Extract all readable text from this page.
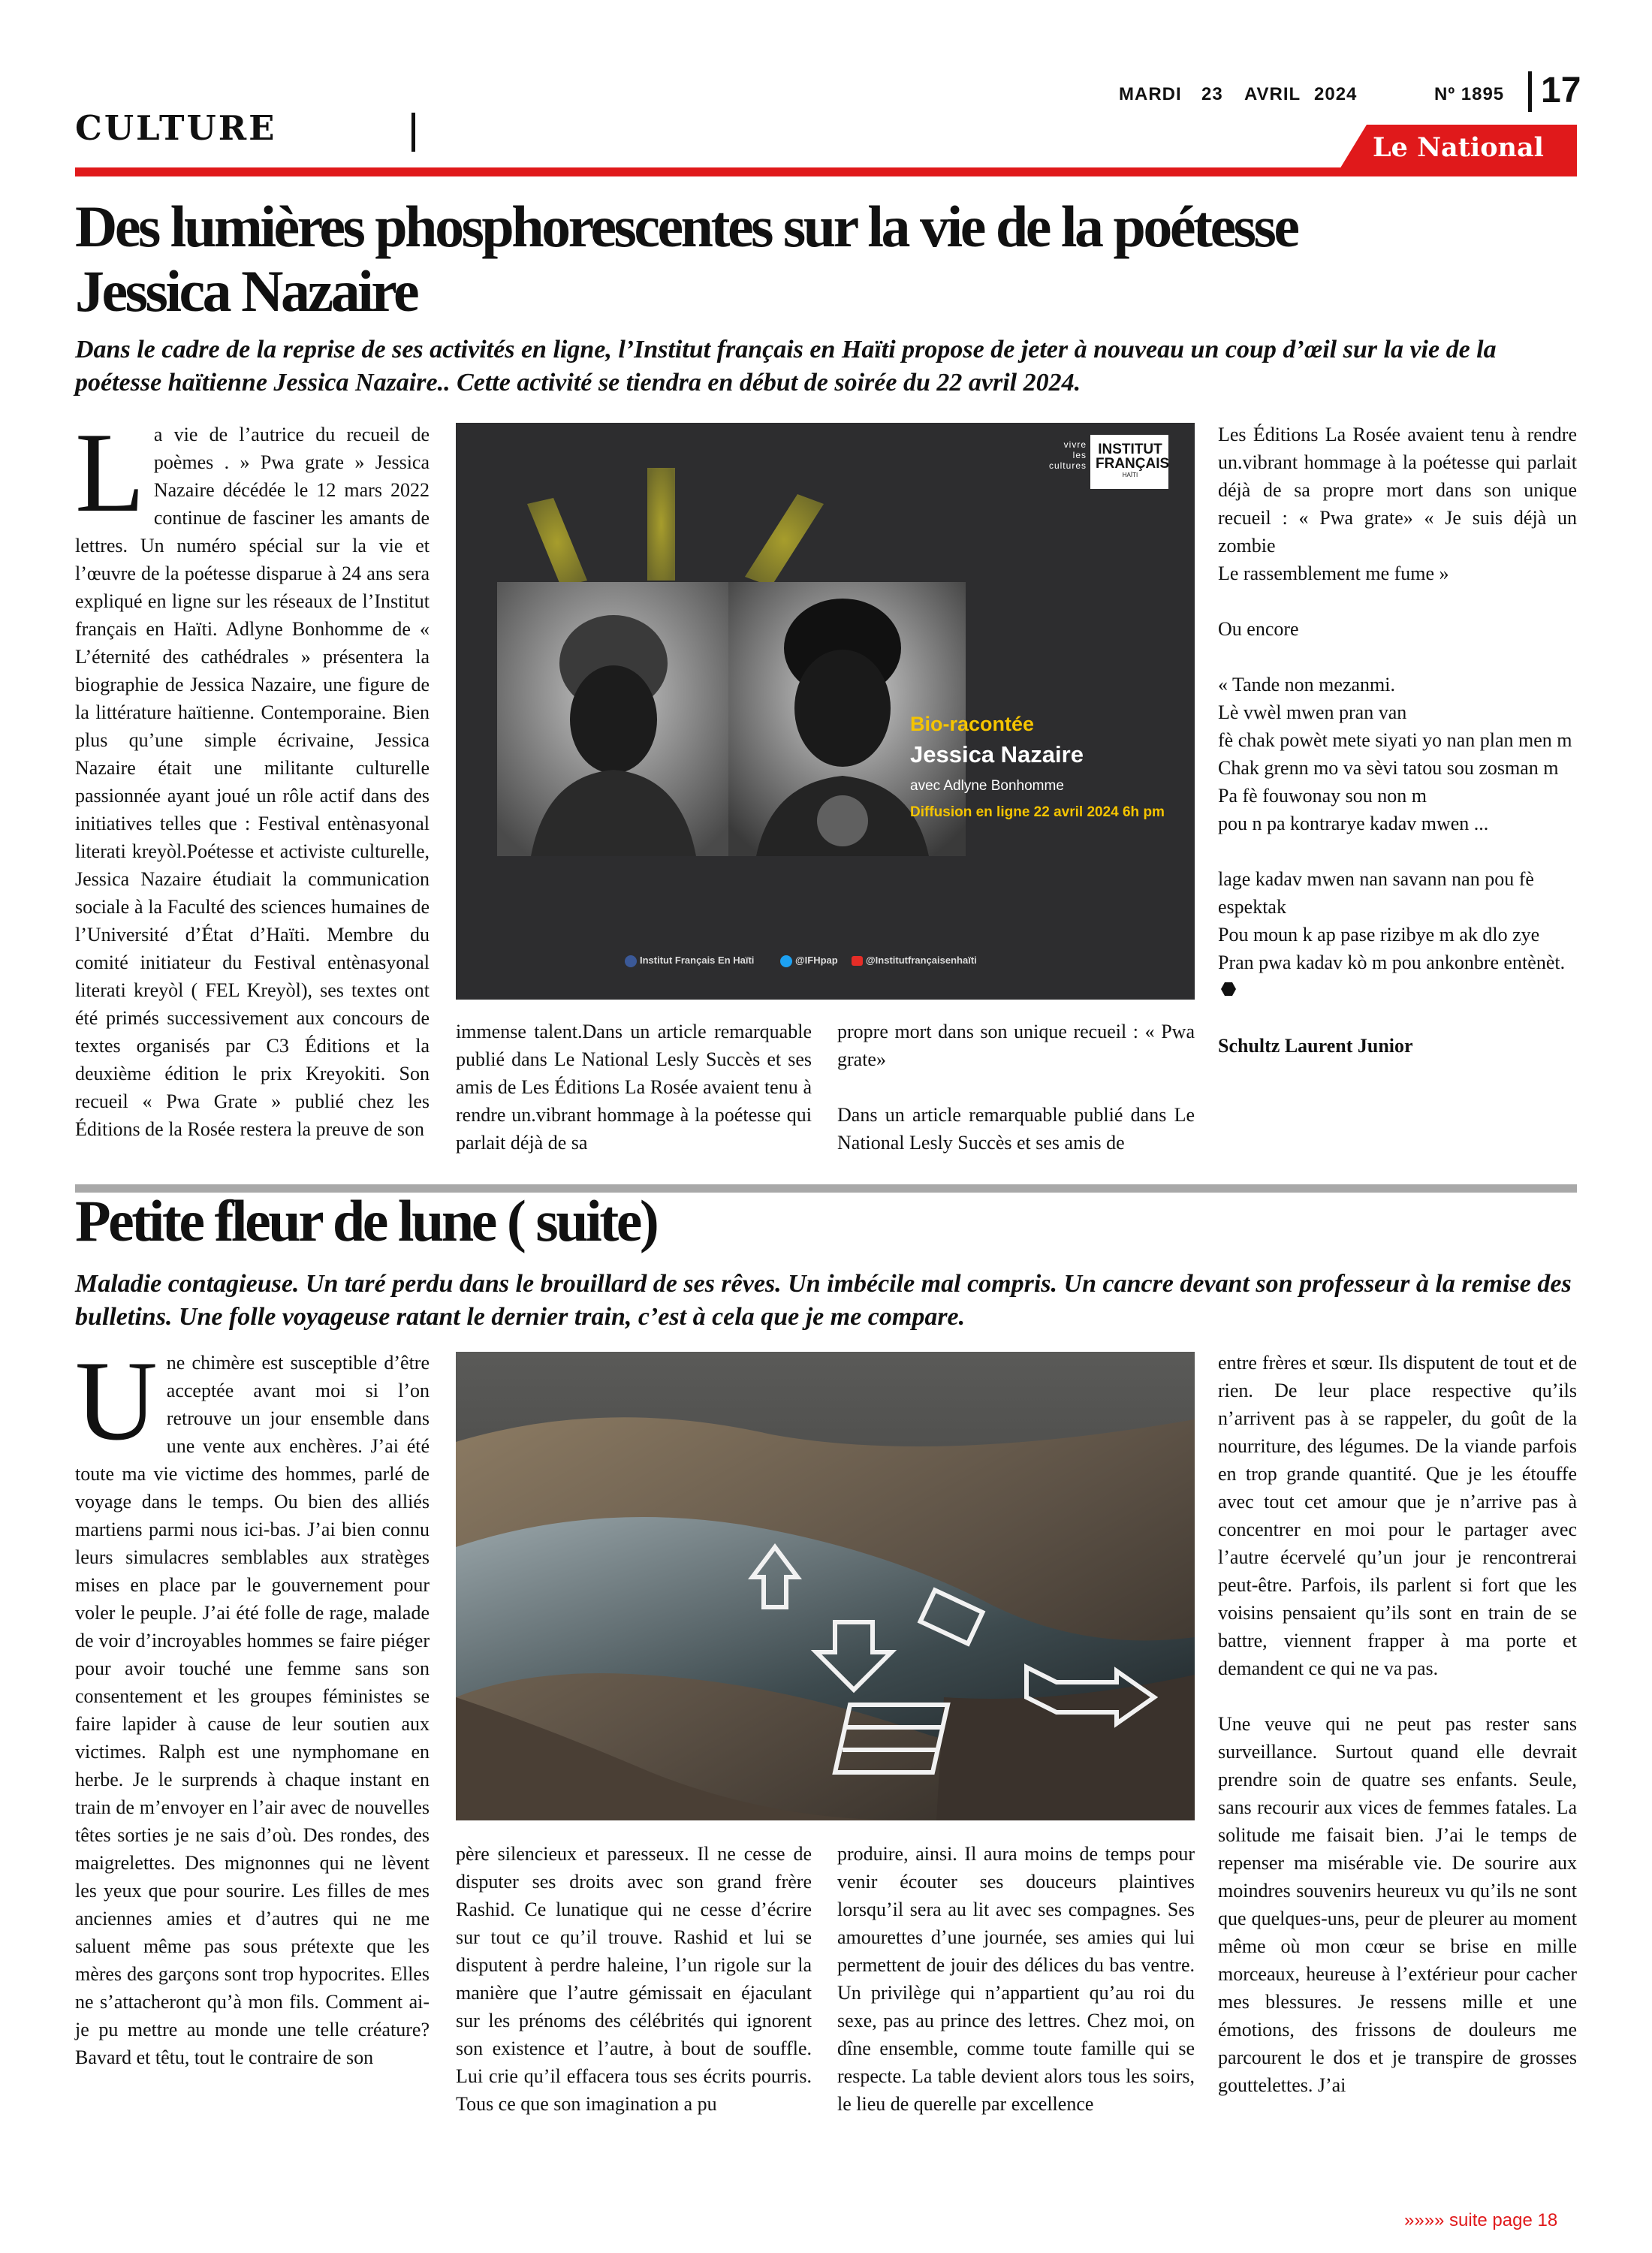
CULTURE
MARDI 23 AVRIL 2024	Nº 1895 17
Le National
Des lumières phosphorescentes sur la vie de la poétesse
Jessica Nazaire
Dans le cadre de la reprise de ses activités en ligne, l’Institut français en Haïti propose de jeter à nouveau un coup d’œil sur la vie de la poétesse haïtienne Jessica Nazaire.. Cette activité se tiendra en début de soirée du 22 avril 2024.

La vie de l’autrice du recueil de poèmes . » Pwa grate » Jessica Nazaire décédée le 12 mars 2022 continue de fasciner les amants de lettres. Un numéro spécial sur la vie et l’œuvre de la poétesse disparue à 24 ans sera expliqué en ligne sur les réseaux de l’Institut français en Haïti. Adlyne Bonhomme de « L’éternité des cathédrales » présentera la biographie de Jessica Nazaire, une figure de la littérature haïtienne. Contemporaine. Bien plus qu’une simple écrivaine, Jessica Nazaire était une militante culturelle passionnée ayant joué un rôle actif dans des initiatives telles que : Festival entènasyonal literati kreyòl.Poétesse et activiste culturelle, Jessica Nazaire étudiait la communication sociale à la Faculté des sciences humaines de l’Université d’État d’Haïti. Membre du comité initiateur du Festival entènasyonal literati kreyòl ( FEL Kreyòl), ses textes ont été primés successivement aux concours de textes organisés par C3 Éditions et la deuxième édition le prix Kreyokiti. Son recueil « Pwa Grate » publié chez les Éditions de la Rosée restera la preuve de son

vivre
les
cultures
INSTITUT
FRANÇAIS
HAÏTI
Bio-racontée
Jessica Nazaire
avec Adlyne Bonhomme
Diffusion en ligne 22 avril 2024 6h pm
Institut Français En Haïti	@IFHpap	@Institutfrançaisenhaïti

immense talent.Dans un article remarquable publié dans Le National Lesly Succès et ses amis de Les Éditions La Rosée avaient tenu à rendre un.vibrant hommage à la poétesse qui parlait déjà de sa

propre mort dans son unique recueil : « Pwa grate»

Dans un article remarquable publié dans Le National Lesly Succès et ses amis de

Les Éditions La Rosée avaient tenu à rendre un.vibrant hommage à la poétesse qui parlait déjà de sa propre mort dans son unique recueil : « Pwa grate» « Je suis déjà un zombie

Le rassemblement me fume »
Ou encore
« Tande non mezanmi.
Lè vwèl mwen pran van
fè chak powèt mete siyati yo nan plan men m
Chak grenn mo va sèvi tatou sou zosman m
Pa fè fouwonay sou non m
pou n pa kontrarye kadav mwen ...
lage kadav mwen nan savann nan pou fè espektak
Pou moun k ap pase rizibye m ak dlo zye
Pran pwa kadav kò m pou ankonbre entènèt.
Schultz Laurent Junior
Petite fleur de lune ( suite)
Maladie contagieuse. Un taré perdu dans le brouillard de ses rêves. Un imbécile mal compris. Un cancre devant son professeur à la remise des bulletins. Une folle voyageuse ratant le dernier train, c’est à cela que je me compare.

Une chimère est susceptible d’être acceptée avant moi si l’on retrouve un jour ensemble dans une vente aux enchères. J’ai été toute ma vie victime des hommes, parlé de voyage dans le temps. Ou bien des alliés martiens parmi nous ici-bas. J’ai bien connu leurs simulacres semblables aux stratèges mises en place par le gouvernement pour voler le peuple. J’ai été folle de rage, malade de voir d’incroyables hommes se faire piéger pour avoir touché une femme sans son consentement et les groupes féministes se faire lapider à cause de leur soutien aux victimes. Ralph est une nymphomane en herbe. Je le surprends à chaque instant en train de m’envoyer en l’air avec de nouvelles têtes sorties je ne sais d’où. Des rondes, des maigrelettes. Des mignonnes qui ne lèvent les yeux que pour sourire. Les filles de mes anciennes amies et d’autres qui ne me saluent même pas sous prétexte que les mères des garçons sont trop hypocrites. Elles ne s’attacheront qu’à mon fils. Comment ai-je pu mettre au monde une telle créature? Bavard et têtu, tout le contraire de son

père silencieux et paresseux. Il ne cesse de disputer ses droits avec son grand frère Rashid. Ce lunatique qui ne cesse d’écrire sur tout ce qu’il trouve. Rashid et lui se disputent à perdre haleine, l’un rigole sur la manière que l’autre gémissait en éjaculant sur les prénoms des célébrités qui ignorent son existence et l’autre, à bout de souffle. Lui crie qu’il effacera tous ses écrits pourris. Tous ce que son imagination a pu

produire, ainsi. Il aura moins de temps pour venir écouter ses douceurs plaintives lorsqu’il sera au lit avec ses compagnes. Ses amourettes d’une journée, ses amies qui lui permettent de jouir des délices du bas ventre. Un privilège qui n’appartient qu’au roi du sexe, pas au prince des lettres. Chez moi, on dîne ensemble, comme toute famille qui se respecte. La table devient alors tous les soirs, le lieu de querelle par excellence

entre frères et sœur. Ils disputent de tout et de rien. De leur place respective qu’ils n’arrivent pas à se rappeler, du goût de la nourriture, des légumes. De la viande parfois en trop grande quantité. Que je les étouffe avec tout cet amour que je n’arrive pas à concentrer en moi pour le partager avec l’autre écervelé qu’un jour je rencontrerai peut-être. Parfois, ils parlent si fort que les voisins pensaient qu’ils sont en train de se battre, viennent frapper à ma porte et demandent ce qui ne va pas.

Une veuve qui ne peut pas rester sans surveillance. Surtout quand elle devrait prendre soin de quatre ses enfants. Seule, sans recourir aux vices de femmes fatales. La solitude me faisait bien. J’ai le temps de repenser ma misérable vie. De sourire aux moindres souvenirs heureux vu qu’ils ne sont que quelques-uns, peur de pleurer au moment même où mon cœur se brise en mille morceaux, heureuse à l’extérieur pour cacher mes blessures. Je ressens mille et une émotions, des frissons de douleurs me parcourent le dos et je transpire de grosses gouttelettes. J’ai

»»»» suite page 18
